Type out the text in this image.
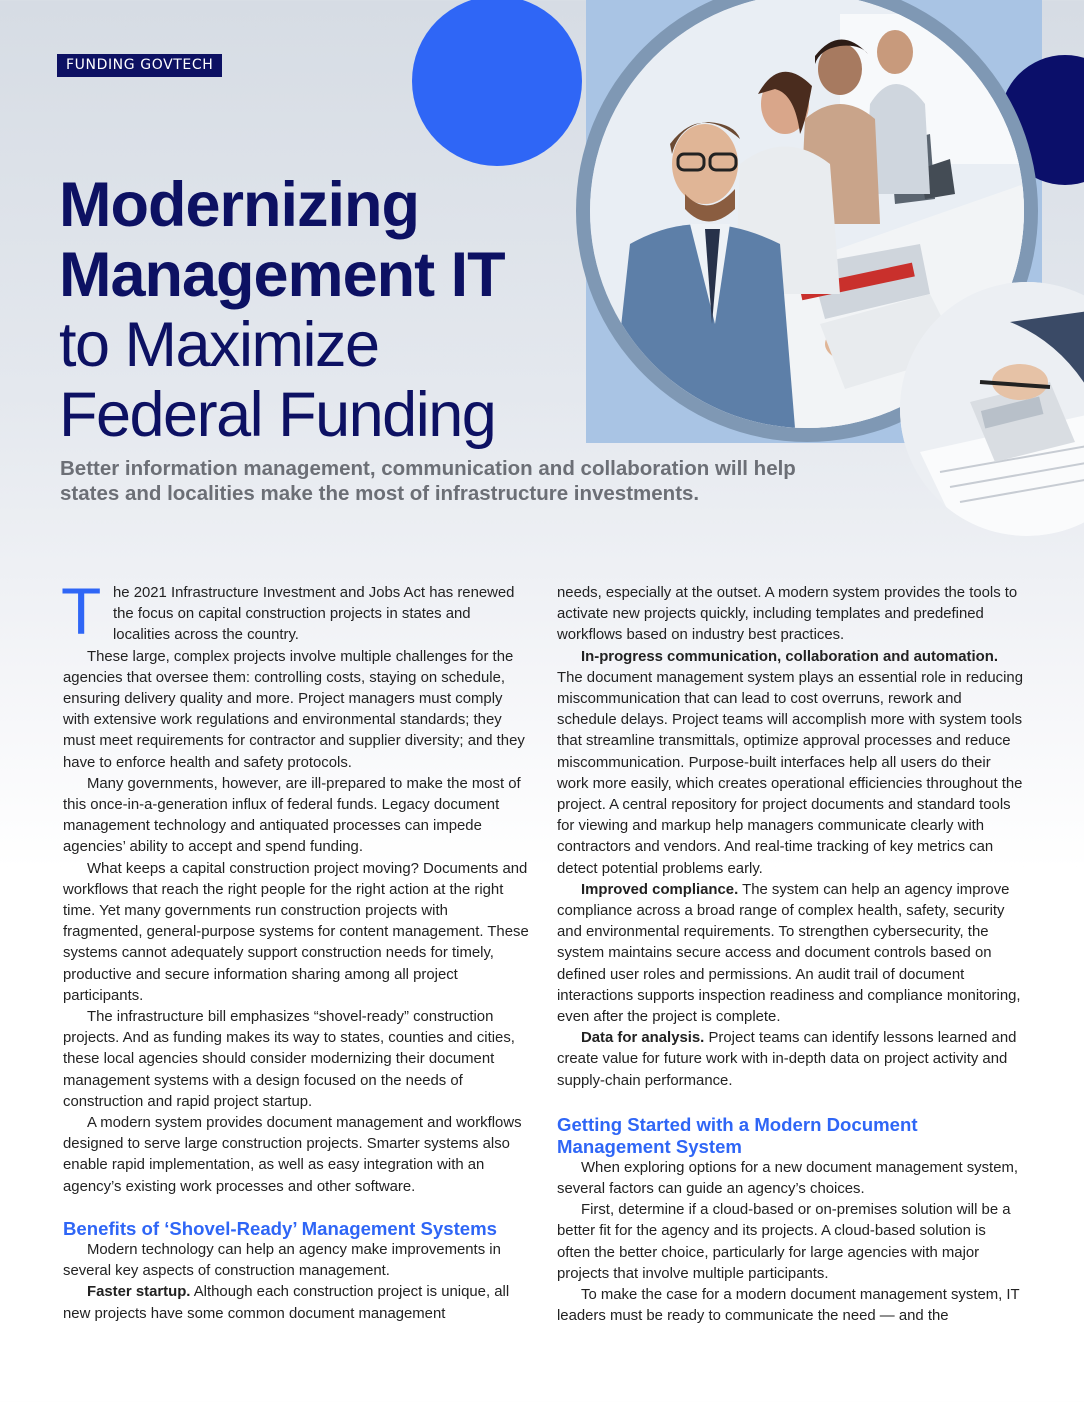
FUNDING GOVTECH
Modernizing
Management IT
to Maximize
Federal Funding
Better information management, communication and collaboration will help states and localities make the most of infrastructure investments.

T he 2021 Infrastructure Investment and Jobs Act has renewed the focus on capital construction projects in states and localities across the country.

These large, complex projects involve multiple challenges for the agencies that oversee them: controlling costs, staying on schedule, ensuring delivery quality and more. Project managers must comply with extensive work regulations and environmental standards; they must meet requirements for contractor and supplier diversity; and they have to enforce health and safety protocols.

Many governments, however, are ill-prepared to make the most of this once-in-a-generation influx of federal funds. Legacy document management technology and antiquated processes can impede agencies’ ability to accept and spend funding.

What keeps a capital construction project moving? Documents and workflows that reach the right people for the right action at the right time. Yet many governments run construction projects with fragmented, general-purpose systems for content management. These systems cannot adequately support construction needs for timely, productive and secure information sharing among all project participants.

The infrastructure bill emphasizes “shovel-ready” construction projects. And as funding makes its way to states, counties and cities, these local agencies should consider modernizing their document management systems with a design focused on the needs of construction and rapid project startup.

A modern system provides document management and workflows designed to serve large construction projects. Smarter systems also enable rapid implementation, as well as easy integration with an agency’s existing work processes and other software.

Benefits of ‘Shovel-Ready’ Management Systems

Modern technology can help an agency make improvements in several key aspects of construction management.

Faster startup. Although each construction project is unique, all new projects have some common document management

needs, especially at the outset. A modern system provides the tools to activate new projects quickly, including templates and predefined workflows based on industry best practices.

In-progress communication, collaboration and automation. The document management system plays an essential role in reducing miscommunication that can lead to cost overruns, rework and schedule delays. Project teams will accomplish more with system tools that streamline transmittals, optimize approval processes and reduce miscommunication. Purpose-built interfaces help all users do their work more easily, which creates operational efficiencies throughout the project. A central repository for project documents and standard tools for viewing and markup help managers communicate clearly with contractors and vendors. And real-time tracking of key metrics can detect potential problems early.

Improved compliance. The system can help an agency improve compliance across a broad range of complex health, safety, security and environmental requirements. To strengthen cybersecurity, the system maintains secure access and document controls based on defined user roles and permissions. An audit trail of document interactions supports inspection readiness and compliance monitoring, even after the project is complete.

Data for analysis. Project teams can identify lessons learned and create value for future work with in-depth data on project activity and supply-chain performance.

Getting Started with a Modern Document Management System

When exploring options for a new document management system, several factors can guide an agency’s choices.

First, determine if a cloud-based or on-premises solution will be a better fit for the agency and its projects. A cloud-based solution is often the better choice, particularly for large agencies with major projects that involve multiple participants.

To make the case for a modern document management system, IT leaders must be ready to communicate the need — and the
